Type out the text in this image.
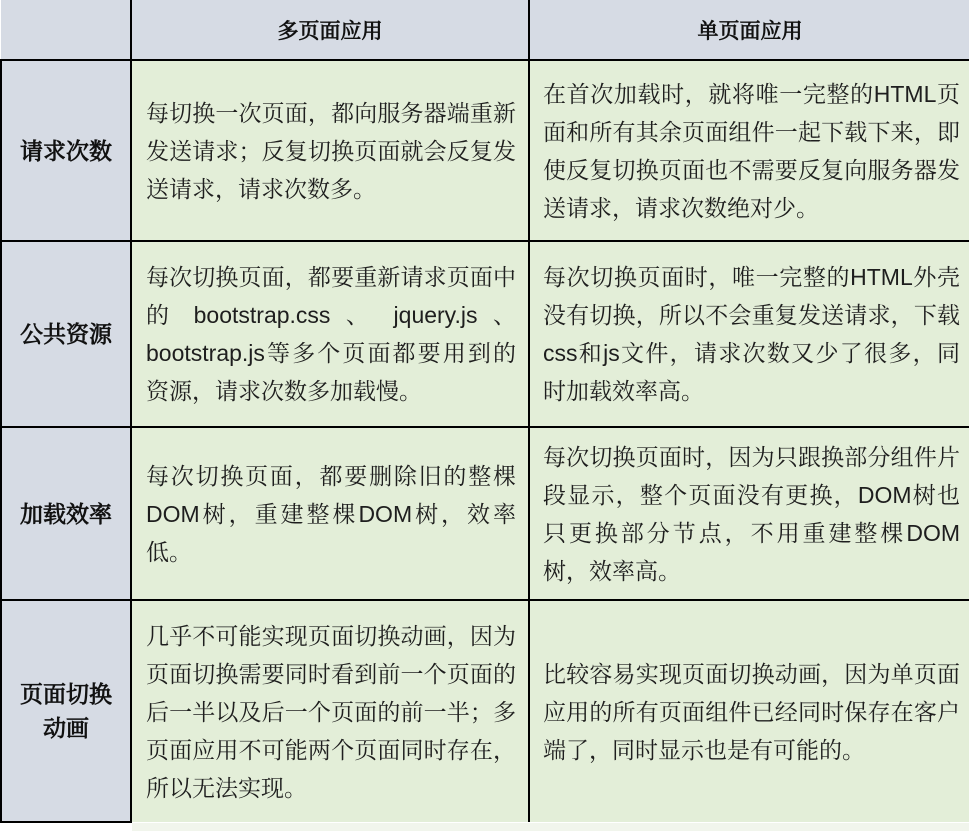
	多页面应用	单页面应用
请求次数	每切换一次页面，都向服务器端重新发送请求；反复切换页面就会反复发送请求，请求次数多。	在首次加载时，就将唯一完整的HTML页面和所有其余页面组件一起下载下来，即使反复切换页面也不需要反复向服务器发送请求，请求次数绝对少。
公共资源	每次切换页面，都要重新请求页面中的 bootstrap.css 、 jquery.js 、bootstrap.js等多个页面都要用到的资源，请求次数多加载慢。	每次切换页面时，唯一完整的HTML外壳没有切换，所以不会重复发送请求，下载css和js文件，请求次数又少了很多，同时加载效率高。
加载效率	每次切换页面，都要删除旧的整棵DOM树，重建整棵DOM树，效率低。	每次切换页面时，因为只跟换部分组件片段显示，整个页面没有更换，DOM树也只更换部分节点，不用重建整棵DOM树，效率高。
页面切换动画	几乎不可能实现页面切换动画，因为页面切换需要同时看到前一个页面的后一半以及后一个页面的前一半；多页面应用不可能两个页面同时存在，所以无法实现。	比较容易实现页面切换动画，因为单页面应用的所有页面组件已经同时保存在客户端了，同时显示也是有可能的。
